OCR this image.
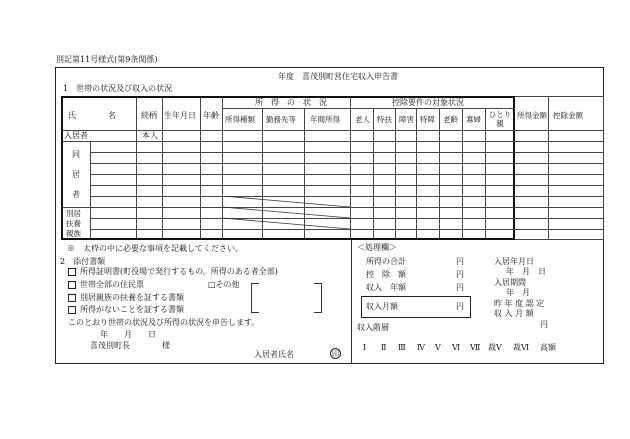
別記第11号様式(第9条関係)
年度　喜茂別町営住宅収入申告書
1　世帯の状況及び収入の状況
氏　　　　名	続柄 生年月日 年齢
所　得　の　状　況
所得種類 勤務先等 年間所得
控除要件の対象状況
老人 特扶 障害 特障 老齢 寡婦
ひとり親
所得金額 控除金額
入居者	本人
同
居
者
別居
扶養
親族
※　太枠の中に必要な事項を記載してください。
2　添付書類
所得証明書(町役場で発行するもの。所得のある者全部)
世帯全部の住民票	□その他
別居親族の扶養を証する書類
所得がないことを証する書類
このとおり世帯の状況及び所得の状況を申告します。
年　　月　　日
喜茂別町長　　　　様
入居者氏名	印
＜処理欄＞
所得の合計	円
控　除　額	円
収入　年額	円
収入月額	円
収入階層
入居年月日
年　月　日
入居期間
年　月
昨 年 度 認 定
収 入 月 額
円
Ⅰ Ⅱ Ⅲ Ⅳ Ⅴ Ⅵ Ⅶ 裁Ⅴ 裁Ⅵ 高額
